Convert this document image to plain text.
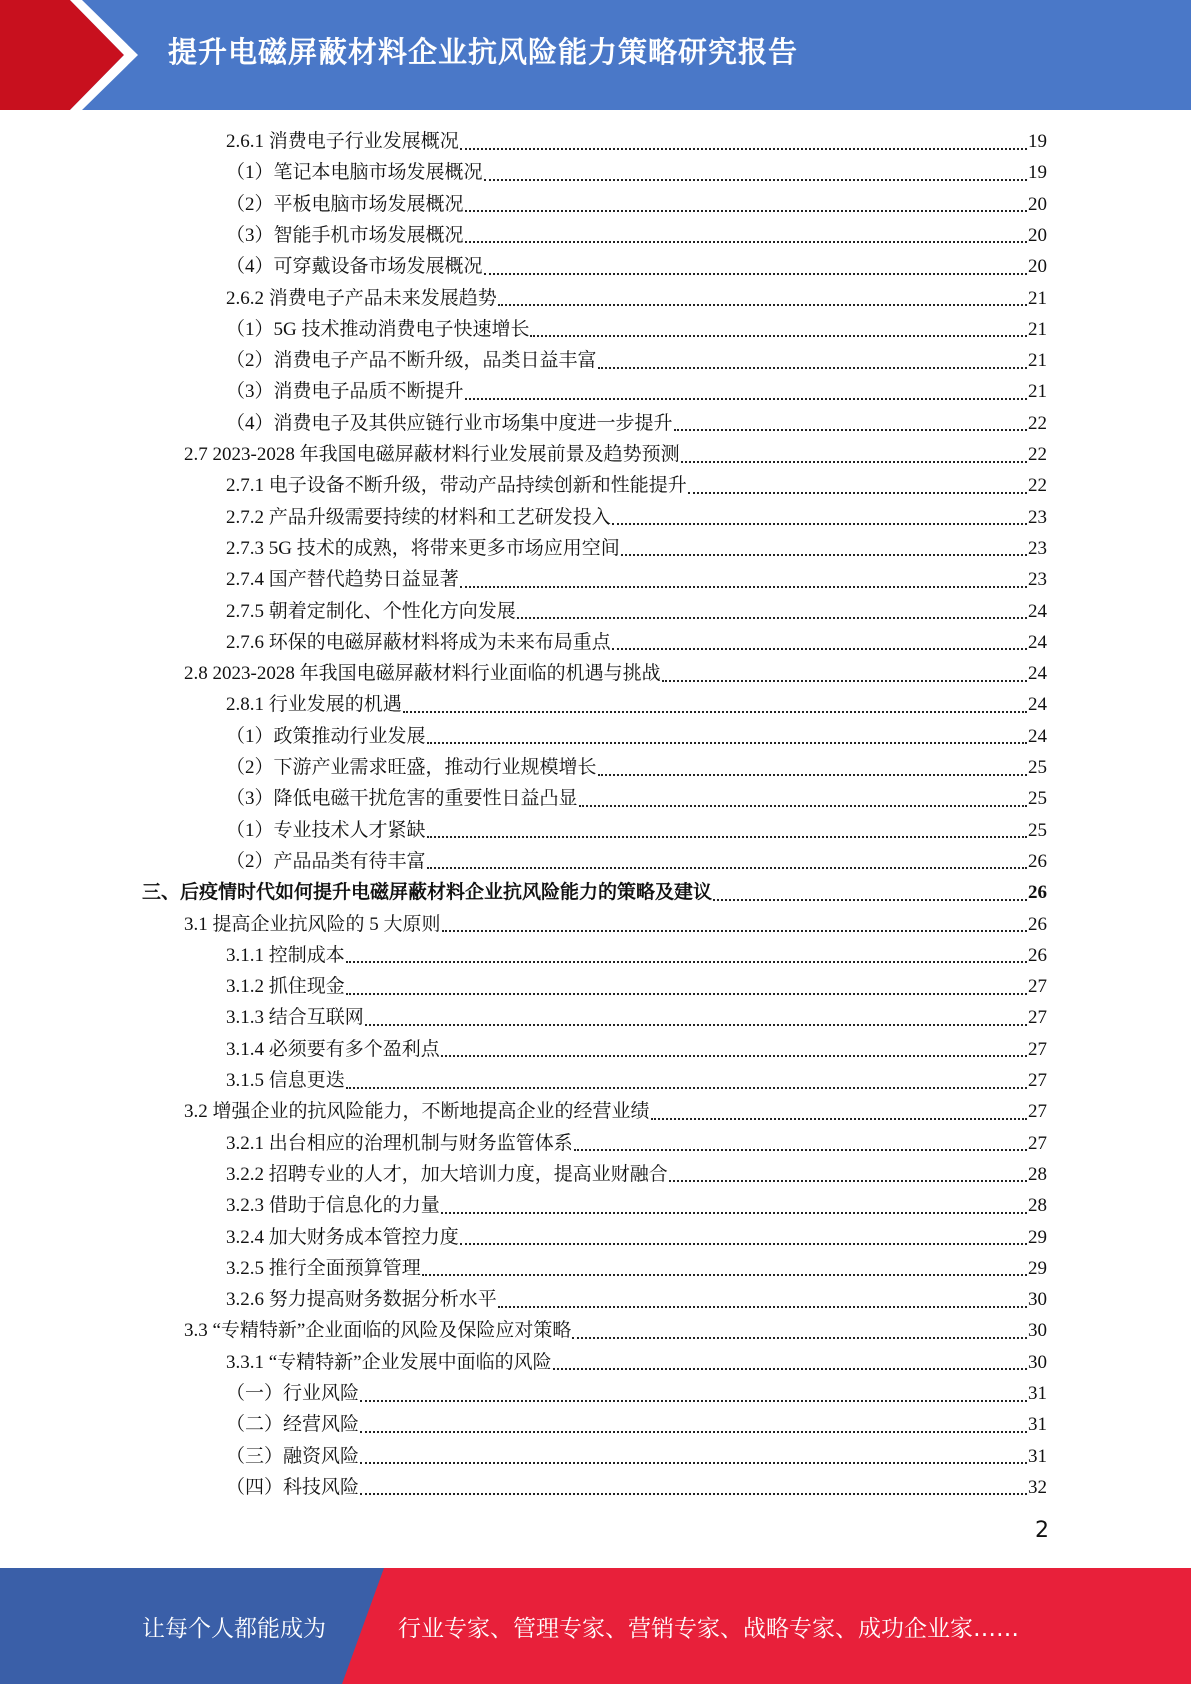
提升电磁屏蔽材料企业抗风险能力策略研究报告
2.6.1 消费电子行业发展概况	19
（1）笔记本电脑市场发展概况	19
（2）平板电脑市场发展概况	20
（3）智能手机市场发展概况	20
（4）可穿戴设备市场发展概况	20
2.6.2 消费电子产品未来发展趋势	21
（1）5G 技术推动消费电子快速增长	21
（2）消费电子产品不断升级，品类日益丰富	21
（3）消费电子品质不断提升	21
（4）消费电子及其供应链行业市场集中度进一步提升	22
2.7 2023-2028 年我国电磁屏蔽材料行业发展前景及趋势预测	22
2.7.1 电子设备不断升级，带动产品持续创新和性能提升	22
2.7.2 产品升级需要持续的材料和工艺研发投入	23
2.7.3 5G 技术的成熟，将带来更多市场应用空间	23
2.7.4 国产替代趋势日益显著	23
2.7.5 朝着定制化、个性化方向发展	24
2.7.6 环保的电磁屏蔽材料将成为未来布局重点	24
2.8 2023-2028 年我国电磁屏蔽材料行业面临的机遇与挑战	24
2.8.1 行业发展的机遇	24
（1）政策推动行业发展	24
（2）下游产业需求旺盛，推动行业规模增长	25
（3）降低电磁干扰危害的重要性日益凸显	25
（1）专业技术人才紧缺	25
（2）产品品类有待丰富	26
三、后疫情时代如何提升电磁屏蔽材料企业抗风险能力的策略及建议	26
3.1 提高企业抗风险的 5 大原则	26
3.1.1 控制成本	26
3.1.2 抓住现金	27
3.1.3 结合互联网	27
3.1.4 必须要有多个盈利点	27
3.1.5 信息更迭	27
3.2 增强企业的抗风险能力，不断地提高企业的经营业绩	27
3.2.1 出台相应的治理机制与财务监管体系	27
3.2.2 招聘专业的人才，加大培训力度，提高业财融合	28
3.2.3 借助于信息化的力量	28
3.2.4 加大财务成本管控力度	29
3.2.5 推行全面预算管理	29
3.2.6 努力提高财务数据分析水平	30
3.3 “专精特新”企业面临的风险及保险应对策略	30
3.3.1 “专精特新”企业发展中面临的风险	30
（一）行业风险	31
（二）经营风险	31
（三）融资风险	31
（四）科技风险	32
2
让每个人都能成为	行业专家、管理专家、营销专家、战略专家、成功企业家……
